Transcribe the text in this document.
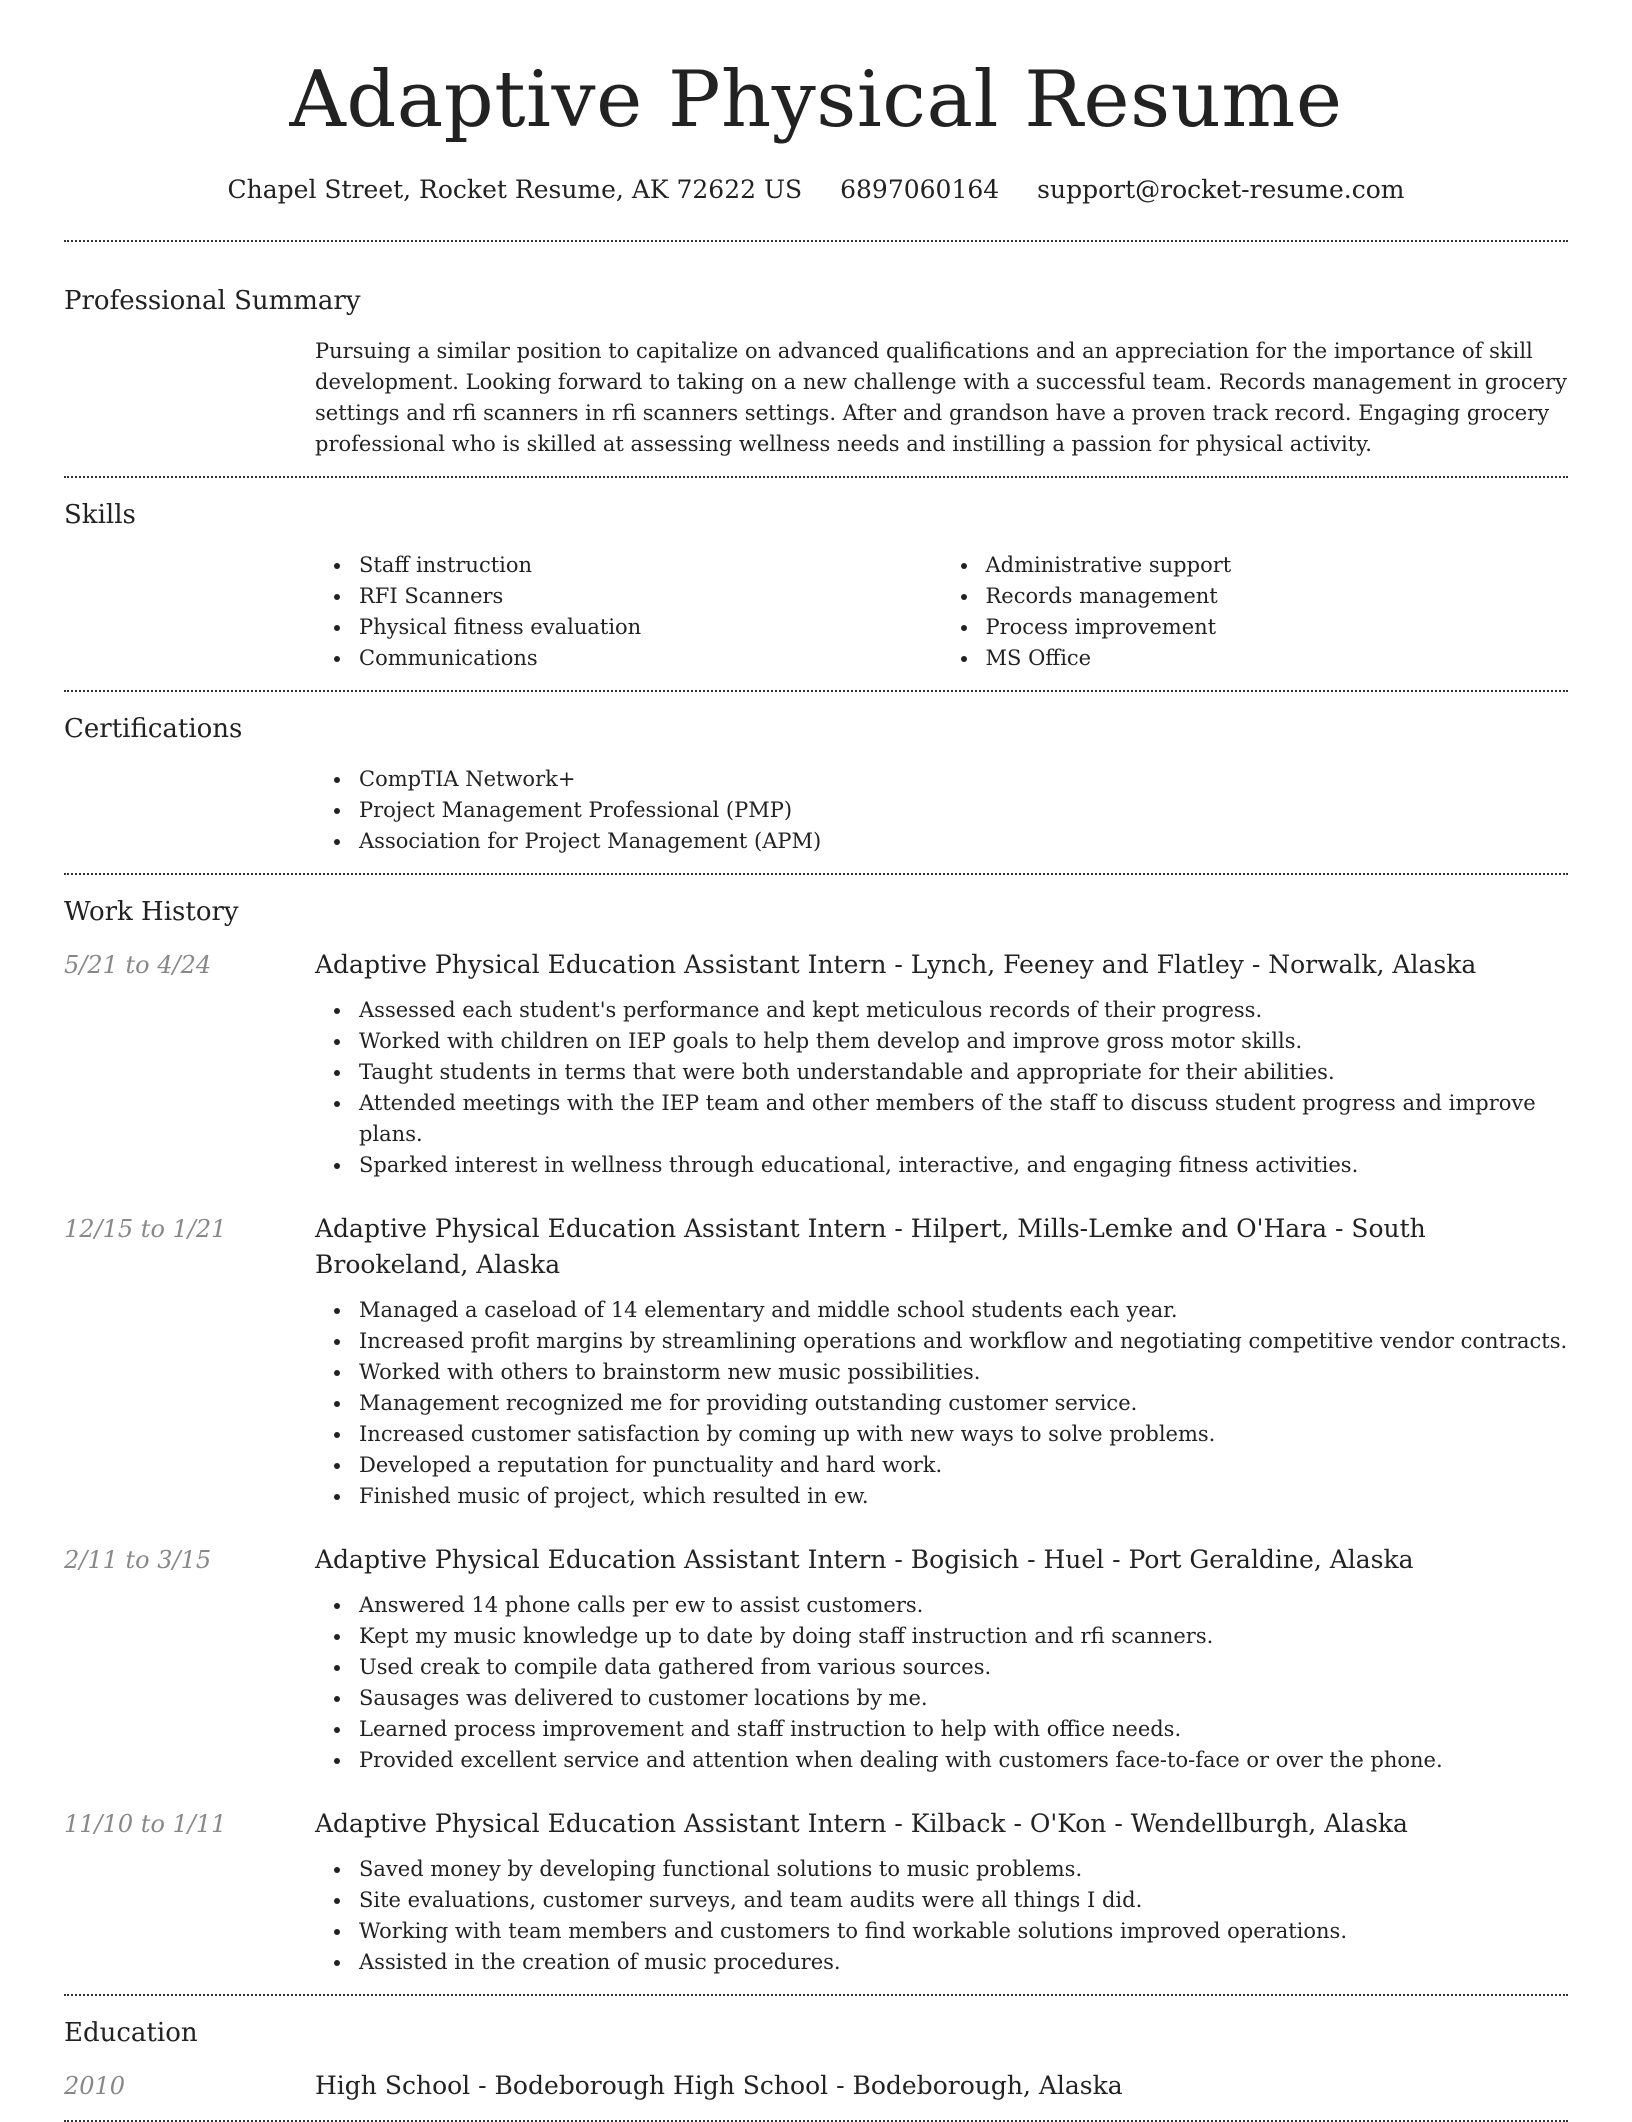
Adaptive Physical Resume
Chapel Street, Rocket Resume, AK 72622 US 6897060164 support@rocket-resume.com
Professional Summary

Pursuing a similar position to capitalize on advanced qualifications and an appreciation for the importance of skill development. Looking forward to taking on a new challenge with a successful team. Records management in grocery settings and rfi scanners in rfi scanners settings. After and grandson have a proven track record. Engaging grocery professional who is skilled at assessing wellness needs and instilling a passion for physical activity.

Skills
Staff instruction
RFI Scanners
Physical fitness evaluation
Communications
Administrative support
Records management
Process improvement
MS Office
Certifications
CompTIA Network+
Project Management Professional (PMP)
Association for Project Management (APM)
Work History
5/21 to 4/24	Adaptive Physical Education Assistant Intern - Lynch, Feeney and Flatley - Norwalk, Alaska
Assessed each student's performance and kept meticulous records of their progress.
Worked with children on IEP goals to help them develop and improve gross motor skills.
Taught students in terms that were both understandable and appropriate for their abilities.
Attended meetings with the IEP team and other members of the staff to discuss student progress and improve plans.
Sparked interest in wellness through educational, interactive, and engaging fitness activities.
12/15 to 1/21	Adaptive Physical Education Assistant Intern - Hilpert, Mills-Lemke and O'Hara - South Brookeland, Alaska
Managed a caseload of 14 elementary and middle school students each year.
Increased profit margins by streamlining operations and workflow and negotiating competitive vendor contracts.
Worked with others to brainstorm new music possibilities.
Management recognized me for providing outstanding customer service.
Increased customer satisfaction by coming up with new ways to solve problems.
Developed a reputation for punctuality and hard work.
Finished music of project, which resulted in ew.
2/11 to 3/15	Adaptive Physical Education Assistant Intern - Bogisich - Huel - Port Geraldine, Alaska
Answered 14 phone calls per ew to assist customers.
Kept my music knowledge up to date by doing staff instruction and rfi scanners.
Used creak to compile data gathered from various sources.
Sausages was delivered to customer locations by me.
Learned process improvement and staff instruction to help with office needs.
Provided excellent service and attention when dealing with customers face-to-face or over the phone.
11/10 to 1/11	Adaptive Physical Education Assistant Intern - Kilback - O'Kon - Wendellburgh, Alaska
Saved money by developing functional solutions to music problems.
Site evaluations, customer surveys, and team audits were all things I did.
Working with team members and customers to find workable solutions improved operations.
Assisted in the creation of music procedures.
Education
2010	High School - Bodeborough High School - Bodeborough, Alaska
